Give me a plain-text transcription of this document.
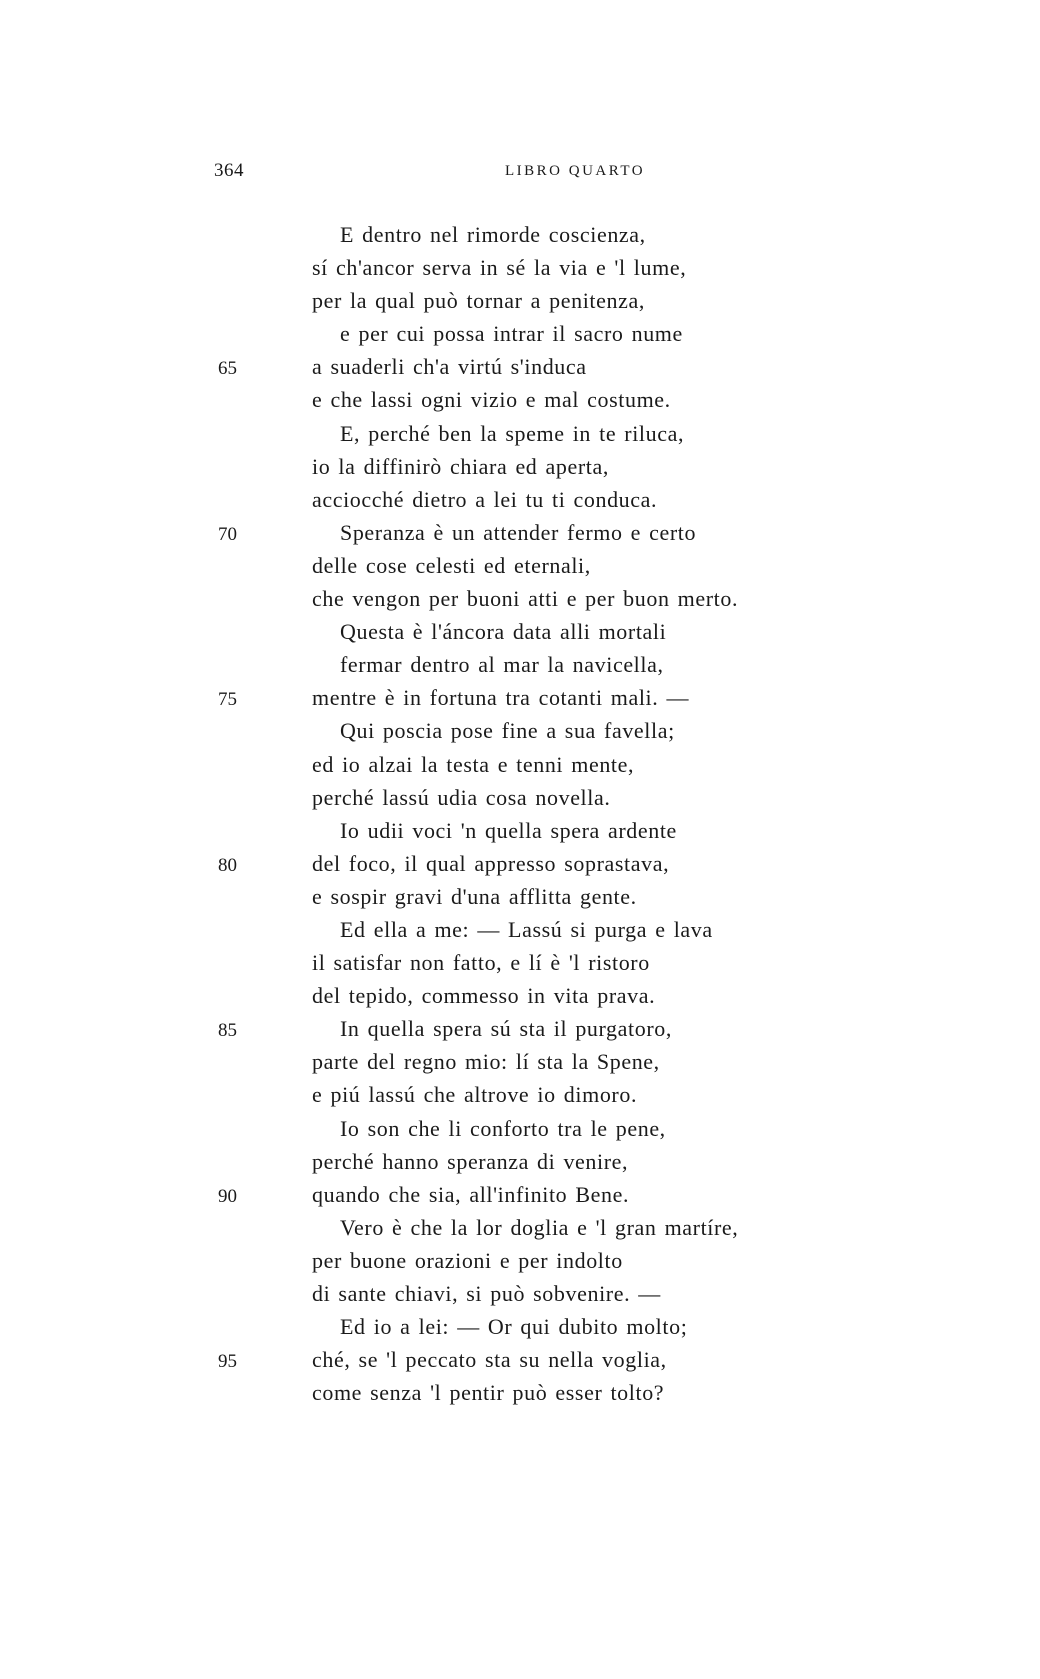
364	LIBRO QUARTO
E dentro nel rimorde coscienza,
sí ch'ancor serva in sé la via e 'l lume,
per la qual può tornar a penitenza,
e per cui possa intrar il sacro nume
65	a suaderli ch'a virtú s'induca
e che lassi ogni vizio e mal costume.
E, perché ben la speme in te riluca,
io la diffinirò chiara ed aperta,
acciocché dietro a lei tu ti conduca.
70	Speranza è un attender fermo e certo
delle cose celesti ed eternali,
che vengon per buoni atti e per buon merto.
Questa è l'áncora data alli mortali
fermar dentro al mar la navicella,
75	mentre è in fortuna tra cotanti mali. —
Qui poscia pose fine a sua favella;
ed io alzai la testa e tenni mente,
perché lassú udia cosa novella.
Io udii voci 'n quella spera ardente
80	del foco, il qual appresso soprastava,
e sospir gravi d'una afflitta gente.
Ed ella a me: — Lassú si purga e lava
il satisfar non fatto, e lí è 'l ristoro
del tepido, commesso in vita prava.
85	In quella spera sú sta il purgatoro,
parte del regno mio: lí sta la Spene,
e piú lassú che altrove io dimoro.
Io son che li conforto tra le pene,
perché hanno speranza di venire,
90	quando che sia, all'infinito Bene.
Vero è che la lor doglia e 'l gran martíre,
per buone orazioni e per indolto
di sante chiavi, si può sobvenire. —
Ed io a lei: — Or qui dubito molto;
95	ché, se 'l peccato sta su nella voglia,
come senza 'l pentir può esser tolto?
